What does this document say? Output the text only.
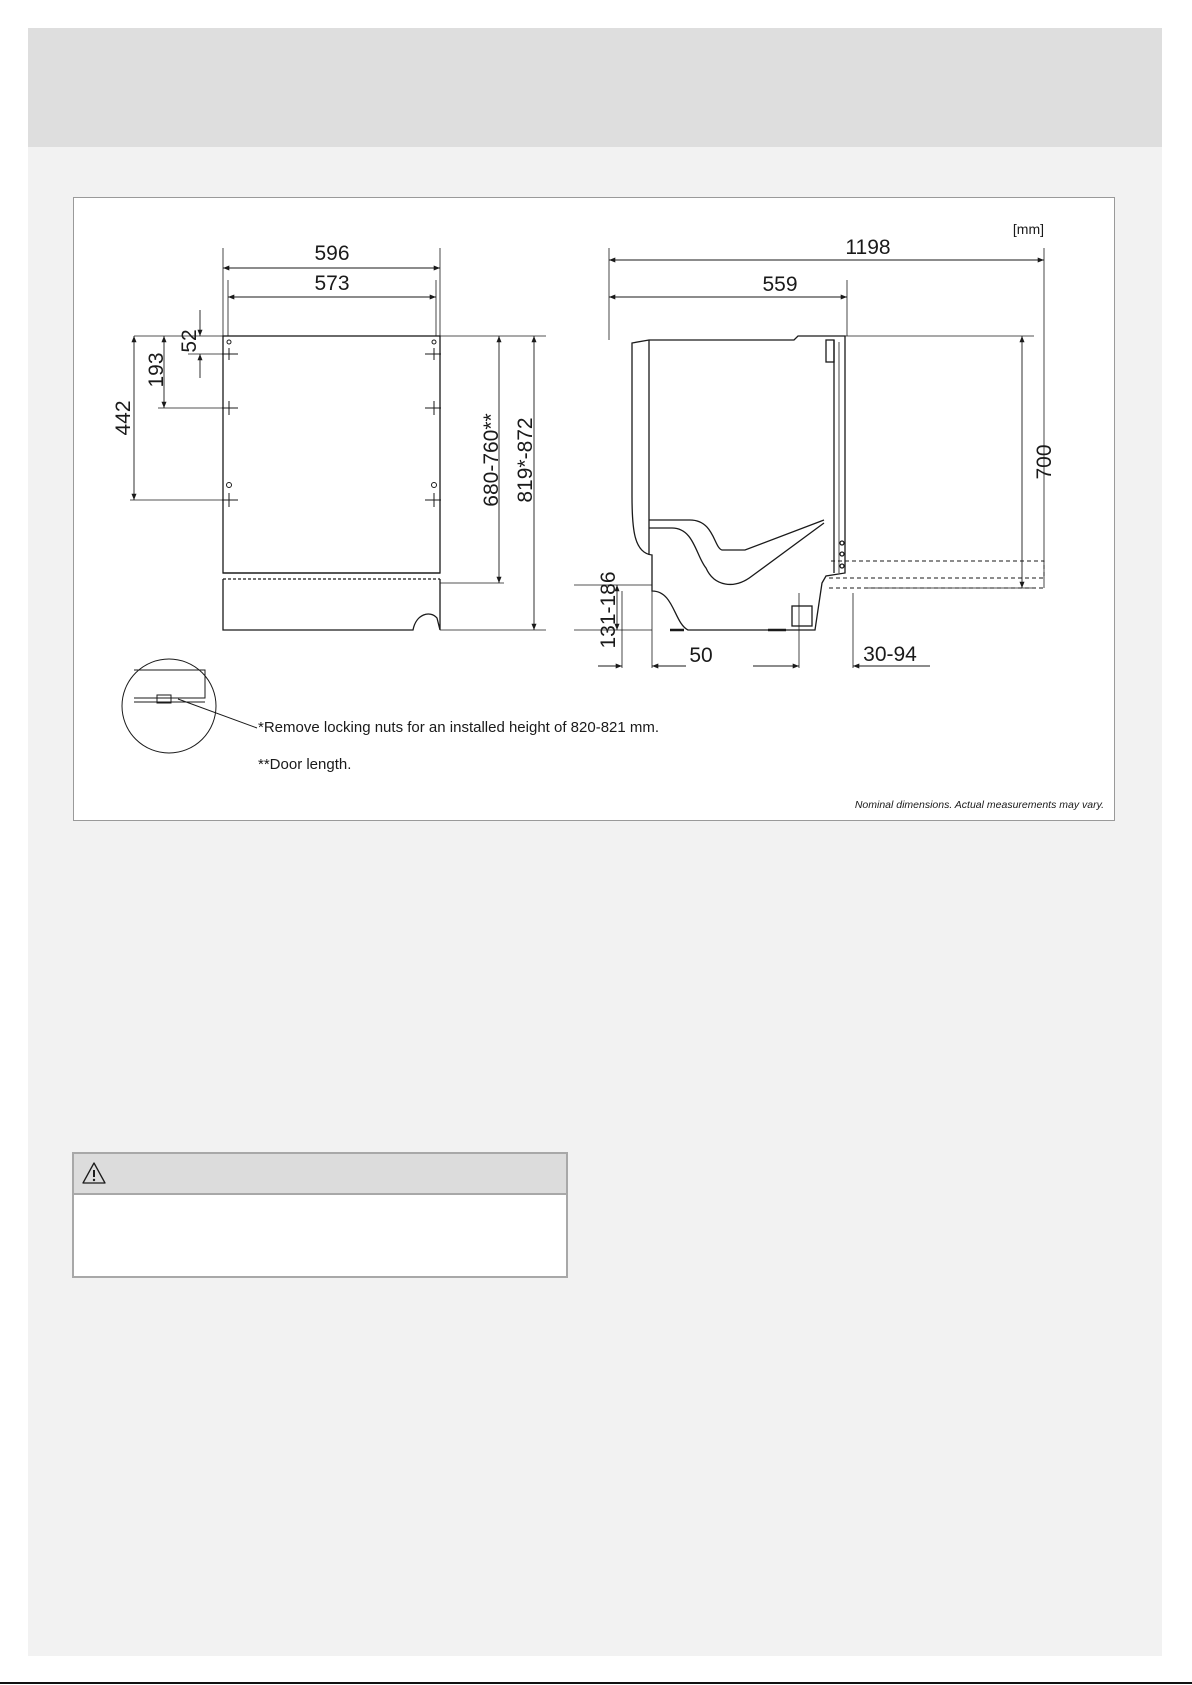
[mm]
596
573
52
193
442	680-760** 819*-872
1198
559
700
131-186
50	30-94
*Remove locking nuts for an installed height of 820-821 mm.
**Door length.
Nominal dimensions. Actual measurements may vary.
